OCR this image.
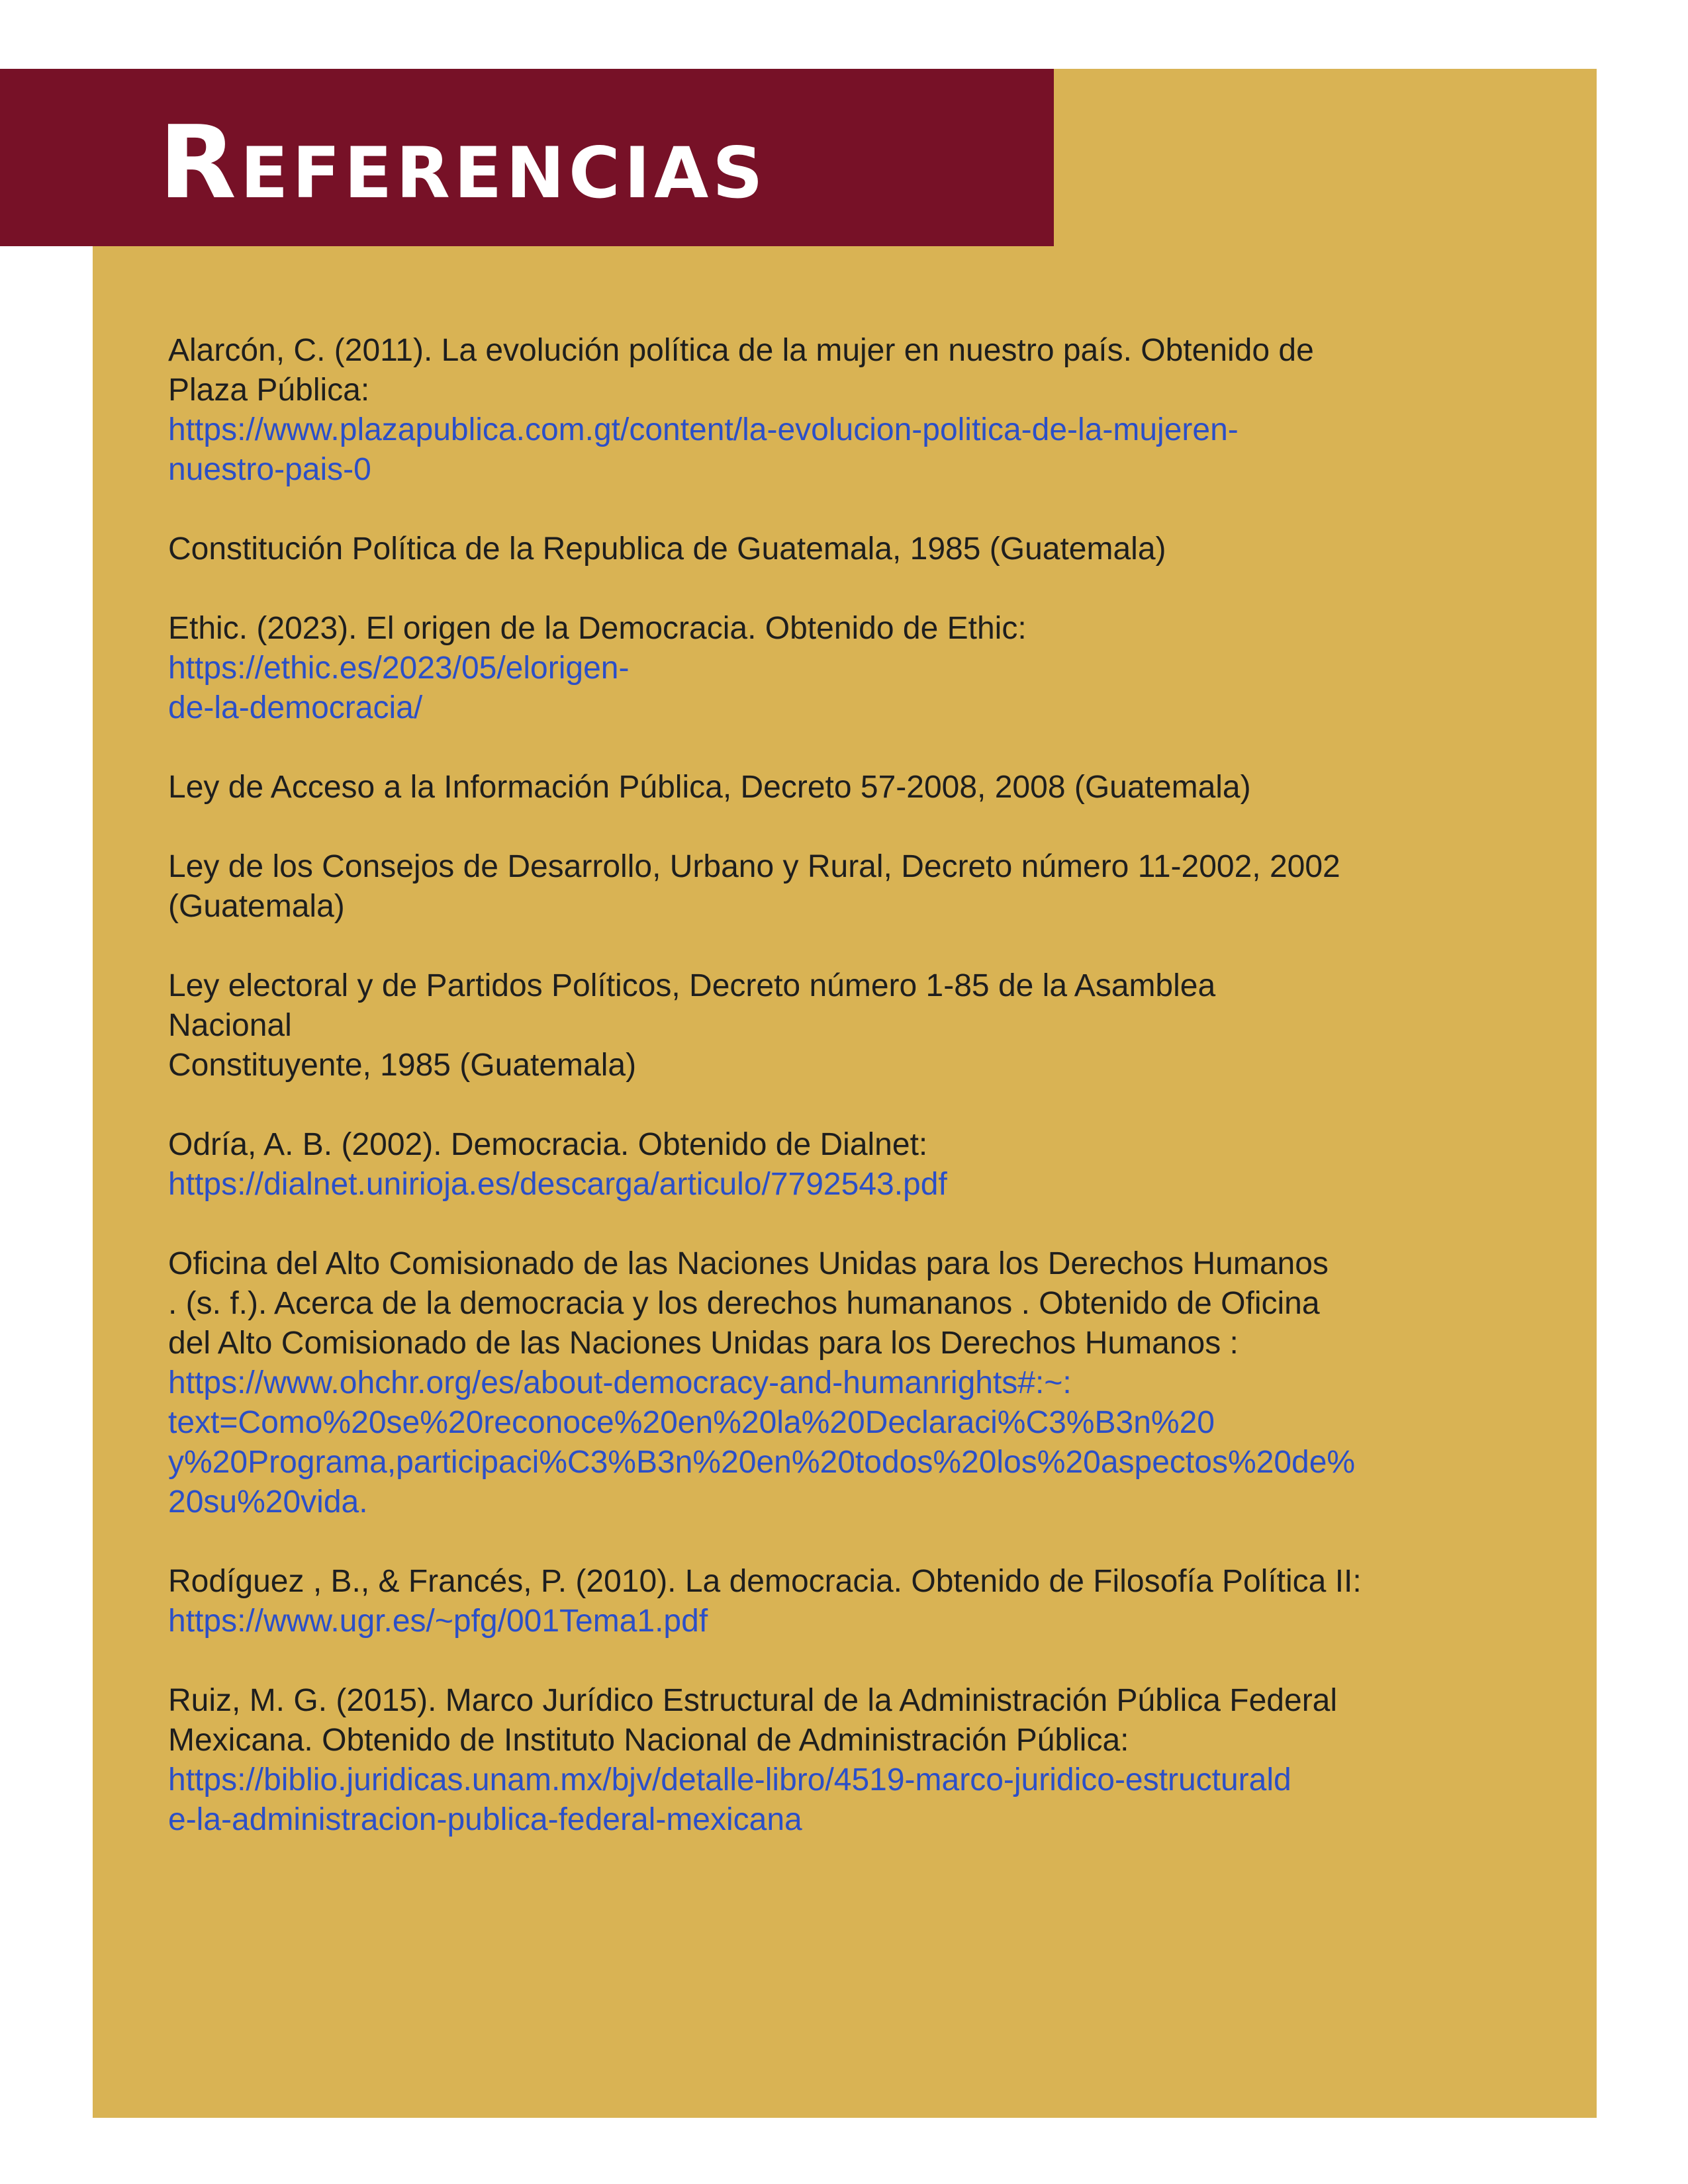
Referencias
Alarcón, C. (2011). La evolución política de la mujer en nuestro país. Obtenido de
Plaza Pública:
https://www.plazapublica.com.gt/content/la-evolucion-politica-de-la-mujeren-
nuestro-pais-0
Constitución Política de la Republica de Guatemala, 1985 (Guatemala)
Ethic. (2023). El origen de la Democracia. Obtenido de Ethic:
https://ethic.es/2023/05/elorigen-
de-la-democracia/
Ley de Acceso a la Información Pública, Decreto 57-2008, 2008 (Guatemala)
Ley de los Consejos de Desarrollo, Urbano y Rural, Decreto número 11-2002, 2002
(Guatemala)
Ley electoral y de Partidos Políticos, Decreto número 1-85 de la Asamblea
Nacional
Constituyente, 1985 (Guatemala)
Odría, A. B. (2002). Democracia. Obtenido de Dialnet:
https://dialnet.unirioja.es/descarga/articulo/7792543.pdf
Oficina del Alto Comisionado de las Naciones Unidas para los Derechos Humanos
. (s. f.). Acerca de la democracia y los derechos humananos . Obtenido de Oficina
del Alto Comisionado de las Naciones Unidas para los Derechos Humanos :
https://www.ohchr.org/es/about-democracy-and-humanrights#:~:
text=Como%20se%20reconoce%20en%20la%20Declaraci%C3%B3n%20
y%20Programa,participaci%C3%B3n%20en%20todos%20los%20aspectos%20de%
20su%20vida.
Rodíguez , B., & Francés, P. (2010). La democracia. Obtenido de Filosofía Política II:
https://www.ugr.es/~pfg/001Tema1.pdf
Ruiz, M. G. (2015). Marco Jurídico Estructural de la Administración Pública Federal
Mexicana. Obtenido de Instituto Nacional de Administración Pública:
https://biblio.juridicas.unam.mx/bjv/detalle-libro/4519-marco-juridico-estructurald
e-la-administracion-publica-federal-mexicana
